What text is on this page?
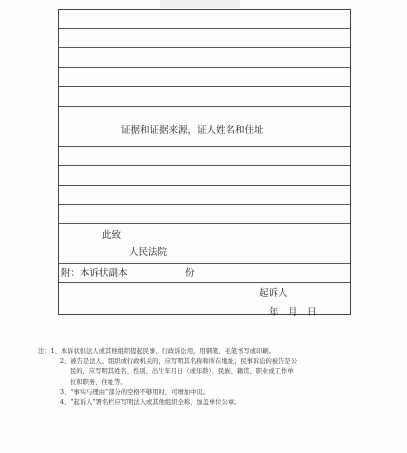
证据和证据来源，证人姓名和住址
此致
人民法院
附：本诉状副本	份
起诉人
年　月　日
注：1、本诉状供法人或其他组织提起民事、行政诉讼用，用钢笔、毛笔书写或印刷。
2、被告是法人、组织或行政机关的，应写明其名称和所在地址；民事诉讼的被告是公
民的，应写明其姓名、性别、出生年月日（或年龄）、民族、籍贯、职业或工作单
位和职务、住址等。
3、“事实与理由”部分的空格不够用时，可增加中页。
4、“起诉人”署名栏应写明法人或其他组织全称，加盖单位公章。
